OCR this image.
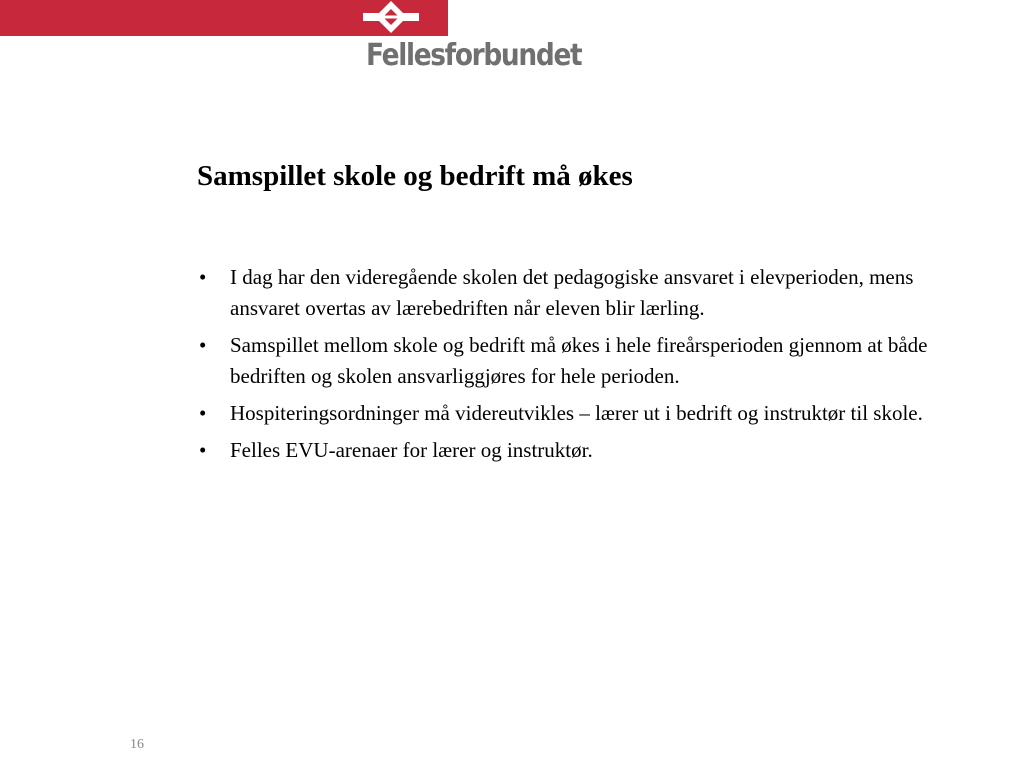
Fellesforbundet
Samspillet skole og bedrift må økes
• I dag har den videregående skolen det pedagogiske ansvaret i elevperioden, mens ansvaret overtas av lærebedriften når eleven blir lærling.
• Samspillet mellom skole og bedrift må økes i hele fireårsperioden gjennom at både bedriften og skolen ansvarliggjøres for hele perioden.
• Hospiteringsordninger må videreutvikles – lærer ut i bedrift og instruktør til skole.
• Felles EVU-arenaer for lærer og instruktør.
16
